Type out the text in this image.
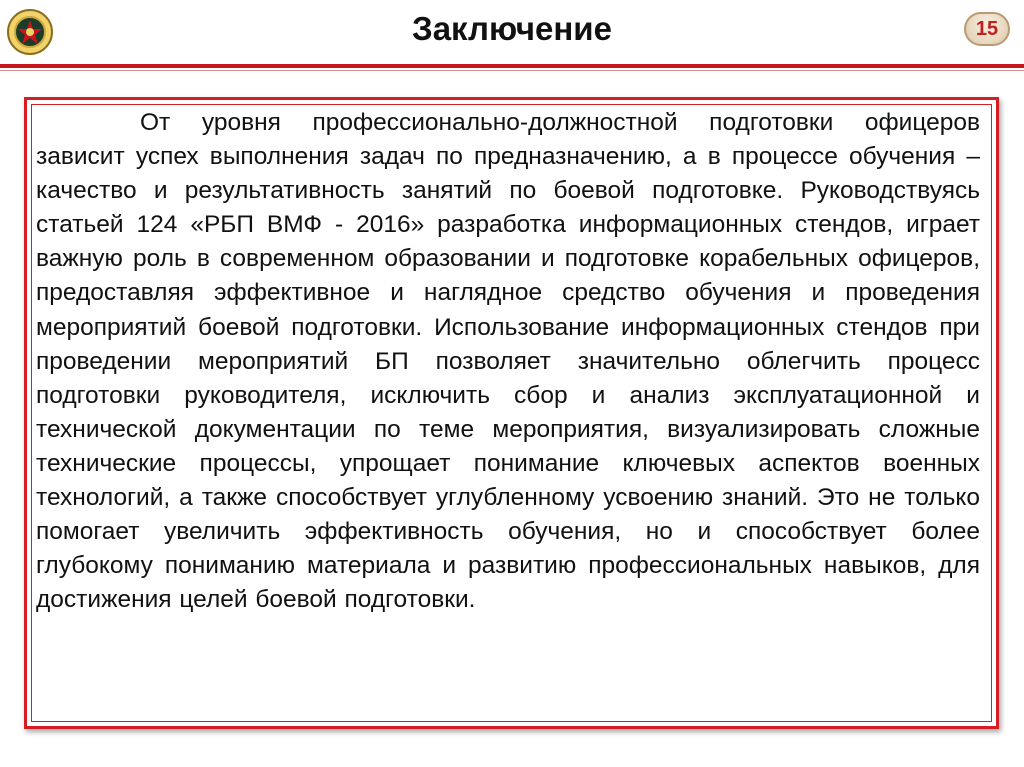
Заключение	15

От уровня профессионально-должностной подготовки офицеров зависит успех выполнения задач по предназначению, а в процессе обучения – качество и результативность занятий по боевой подготовке. Руководствуясь статьей 124 «РБП ВМФ - 2016» разработка информационных стендов, играет важную роль в современном образовании и подготовке корабельных офицеров, предоставляя эффективное и наглядное средство обучения и проведения мероприятий боевой подготовки. Использование информационных стендов при проведении мероприятий БП позволяет значительно облегчить процесс подготовки руководителя, исключить сбор и анализ эксплуатационной и технической документации по теме мероприятия, визуализировать сложные технические процессы, упрощает понимание ключевых аспектов военных технологий, а также способствует углубленному усвоению знаний. Это не только помогает увеличить эффективность обучения, но и способствует более глубокому пониманию материала и развитию профессиональных навыков, для достижения целей боевой подготовки.
